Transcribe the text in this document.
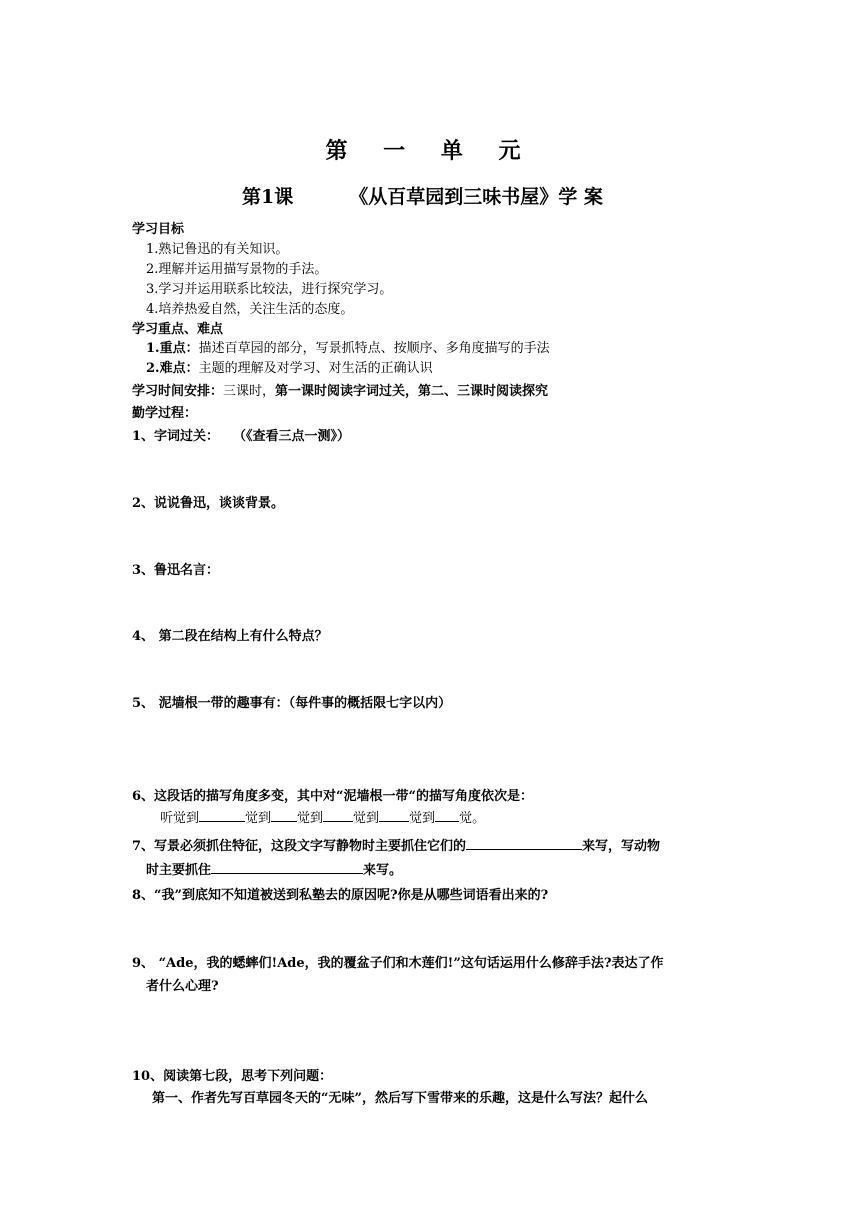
第 一 单 元
第1课	《从百草园到三味书屋》学 案
学习目标
1.熟记鲁迅的有关知识。
2.理解并运用描写景物的手法。
3.学习并运用联系比较法，进行探究学习。
4.培养热爱自然，关注生活的态度。
学习重点、难点
1.重点：描述百草园的部分，写景抓特点、按顺序、多角度描写的手法
2.难点：主题的理解及对学习、对生活的正确认识
学习时间安排：三课时，第一课时阅读字词过关，第二、三课时阅读探究
勤学过程：
1、字词过关： （《查看三点一测》）
2、说说鲁迅，谈谈背景。
3、鲁迅名言：
4、 第二段在结构上有什么特点？
5、 泥墙根一带的趣事有：（每件事的概括限七字以内）
6、这段话的描写角度多变，其中对“泥墙根一带“的描写角度依次是：
听觉到	觉到 觉到 觉到 觉到 觉。
7、写景必须抓住特征，这段文字写静物时主要抓住它们的	来写，写动物
时主要抓住	来写。
8、“我”到底知不知道被送到私塾去的原因呢?你是从哪些词语看出来的?
9、 “Ade，我的蟋蟀们!Ade，我的覆盆子们和木莲们!”这句话运用什么修辞手法?表达了作
者什么心理?
10、阅读第七段，思考下列问题：
第一、作者先写百草园冬天的“无味”，然后写下雪带来的乐趣，这是什么写法？起什么
